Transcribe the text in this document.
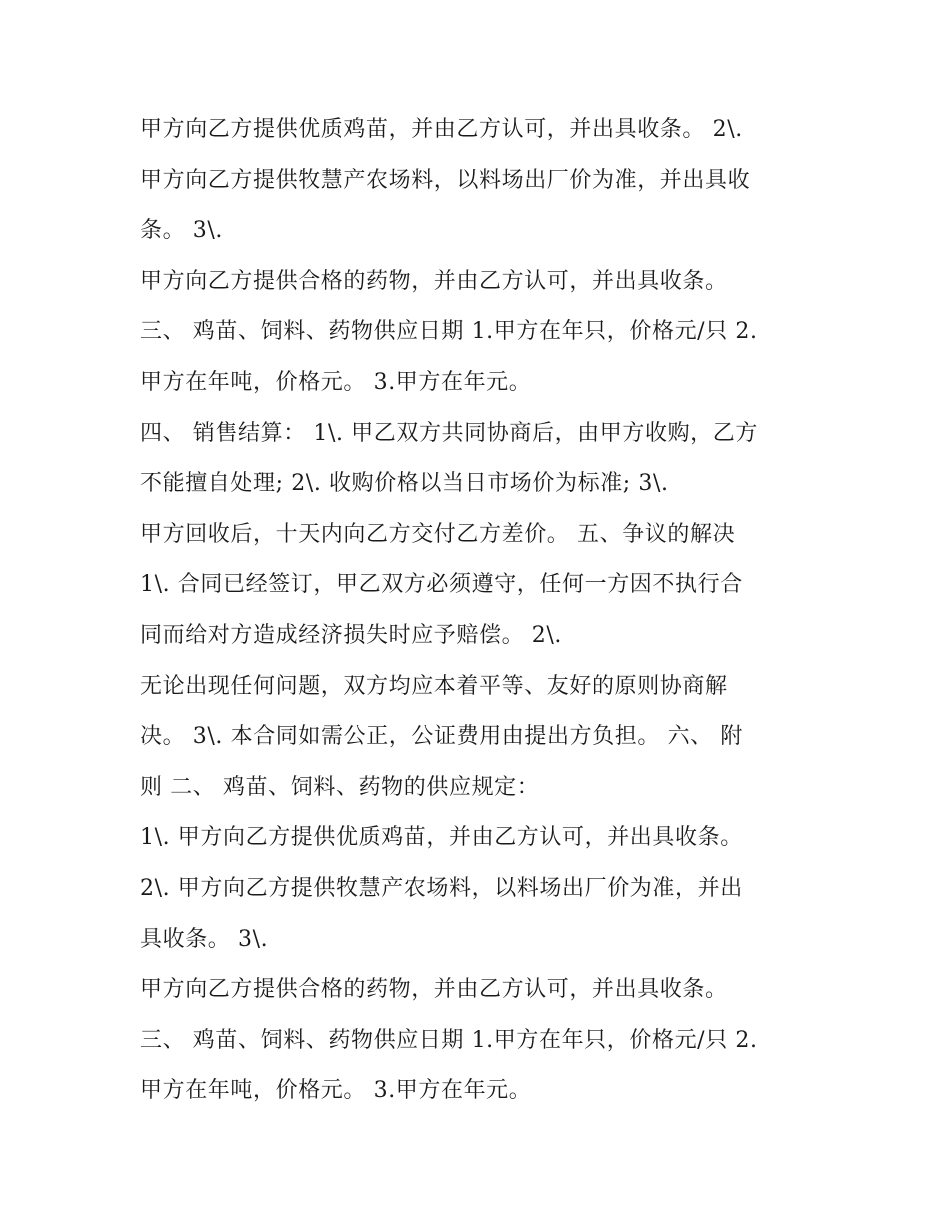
甲方向乙方提供优质鸡苗，并由乙方认可，并出具收条。 2\.
甲方向乙方提供牧慧产农场料，以料场出厂价为准，并出具收
条。 3\.
甲方向乙方提供合格的药物，并由乙方认可，并出具收条。
三、 鸡苗、饲料、药物供应日期 1.甲方在年只，价格元/只 2.
甲方在年吨，价格元。 3.甲方在年元。
四、 销售结算： 1\. 甲乙双方共同协商后，由甲方收购，乙方
不能擅自处理; 2\. 收购价格以当日市场价为标准; 3\.
甲方回收后，十天内向乙方交付乙方差价。 五、争议的解决
1\. 合同已经签订，甲乙双方必须遵守，任何一方因不执行合
同而给对方造成经济损失时应予赔偿。 2\.
无论出现任何问题，双方均应本着平等、友好的原则协商解
决。 3\. 本合同如需公正，公证费用由提出方负担。 六、 附
则 二、 鸡苗、饲料、药物的供应规定：
1\. 甲方向乙方提供优质鸡苗，并由乙方认可，并出具收条。
2\. 甲方向乙方提供牧慧产农场料，以料场出厂价为准，并出
具收条。 3\.
甲方向乙方提供合格的药物，并由乙方认可，并出具收条。
三、 鸡苗、饲料、药物供应日期 1.甲方在年只，价格元/只 2.
甲方在年吨，价格元。 3.甲方在年元。
